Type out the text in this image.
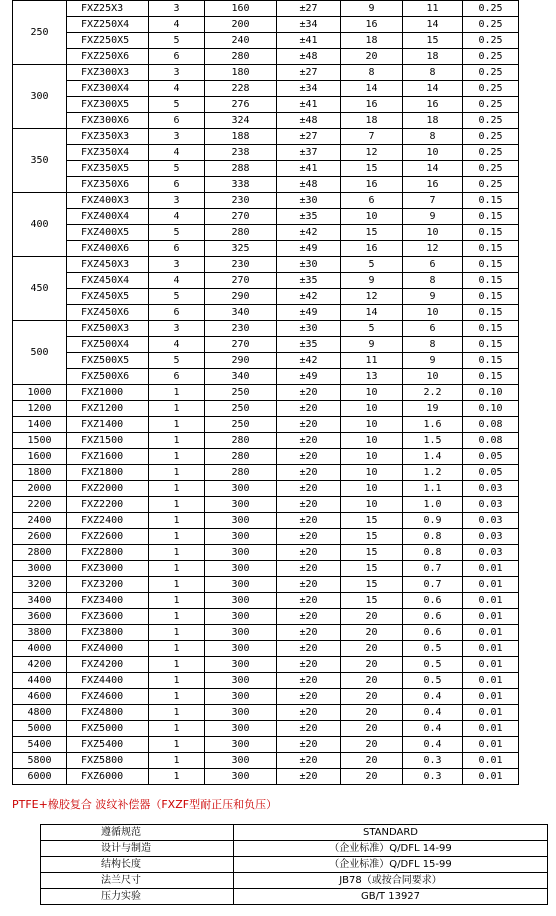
250	FXZ25X3	3	160	±27	9	11	0.25
	FXZ250X4	4	200	±34	16	14	0.25
	FXZ250X5	5	240	±41	18	15	0.25
	FXZ250X6	6	280	±48	20	18	0.25
300	FXZ300X3	3	180	±27	8	8	0.25
	FXZ300X4	4	228	±34	14	14	0.25
	FXZ300X5	5	276	±41	16	16	0.25
	FXZ300X6	6	324	±48	18	18	0.25
350	FXZ350X3	3	188	±27	7	8	0.25
	FXZ350X4	4	238	±37	12	10	0.25
	FXZ350X5	5	288	±41	15	14	0.25
	FXZ350X6	6	338	±48	16	16	0.25
400	FXZ400X3	3	230	±30	6	7	0.15
	FXZ400X4	4	270	±35	10	9	0.15
	FXZ400X5	5	280	±42	15	10	0.15
	FXZ400X6	6	325	±49	16	12	0.15
450	FXZ450X3	3	230	±30	5	6	0.15
	FXZ450X4	4	270	±35	9	8	0.15
	FXZ450X5	5	290	±42	12	9	0.15
	FXZ450X6	6	340	±49	14	10	0.15
500	FXZ500X3	3	230	±30	5	6	0.15
	FXZ500X4	4	270	±35	9	8	0.15
	FXZ500X5	5	290	±42	11	9	0.15
	FXZ500X6	6	340	±49	13	10	0.15
1000	FXZ1000	1	250	±20	10	2.2	0.10
1200	FXZ1200	1	250	±20	10	19	0.10
1400	FXZ1400	1	250	±20	10	1.6	0.08
1500	FXZ1500	1	280	±20	10	1.5	0.08
1600	FXZ1600	1	280	±20	10	1.4	0.05
1800	FXZ1800	1	280	±20	10	1.2	0.05
2000	FXZ2000	1	300	±20	10	1.1	0.03
2200	FXZ2200	1	300	±20	10	1.0	0.03
2400	FXZ2400	1	300	±20	15	0.9	0.03
2600	FXZ2600	1	300	±20	15	0.8	0.03
2800	FXZ2800	1	300	±20	15	0.8	0.03
3000	FXZ3000	1	300	±20	15	0.7	0.01
3200	FXZ3200	1	300	±20	15	0.7	0.01
3400	FXZ3400	1	300	±20	15	0.6	0.01
3600	FXZ3600	1	300	±20	20	0.6	0.01
3800	FXZ3800	1	300	±20	20	0.6	0.01
4000	FXZ4000	1	300	±20	20	0.5	0.01
4200	FXZ4200	1	300	±20	20	0.5	0.01
4400	FXZ4400	1	300	±20	20	0.5	0.01
4600	FXZ4600	1	300	±20	20	0.4	0.01
4800	FXZ4800	1	300	±20	20	0.4	0.01
5000	FXZ5000	1	300	±20	20	0.4	0.01
5400	FXZ5400	1	300	±20	20	0.4	0.01
5800	FXZ5800	1	300	±20	20	0.3	0.01
6000	FXZ6000	1	300	±20	20	0.3	0.01
PTFE+橡胶复合 波纹补偿器（FXZF型耐正压和负压）
遵循规范	STANDARD
设计与制造	（企业标准）Q/DFL 14-99
结构长度	（企业标准）Q/DFL 15-99
法兰尺寸	JB78（或按合同要求）
压力实验	GB/T 13927
